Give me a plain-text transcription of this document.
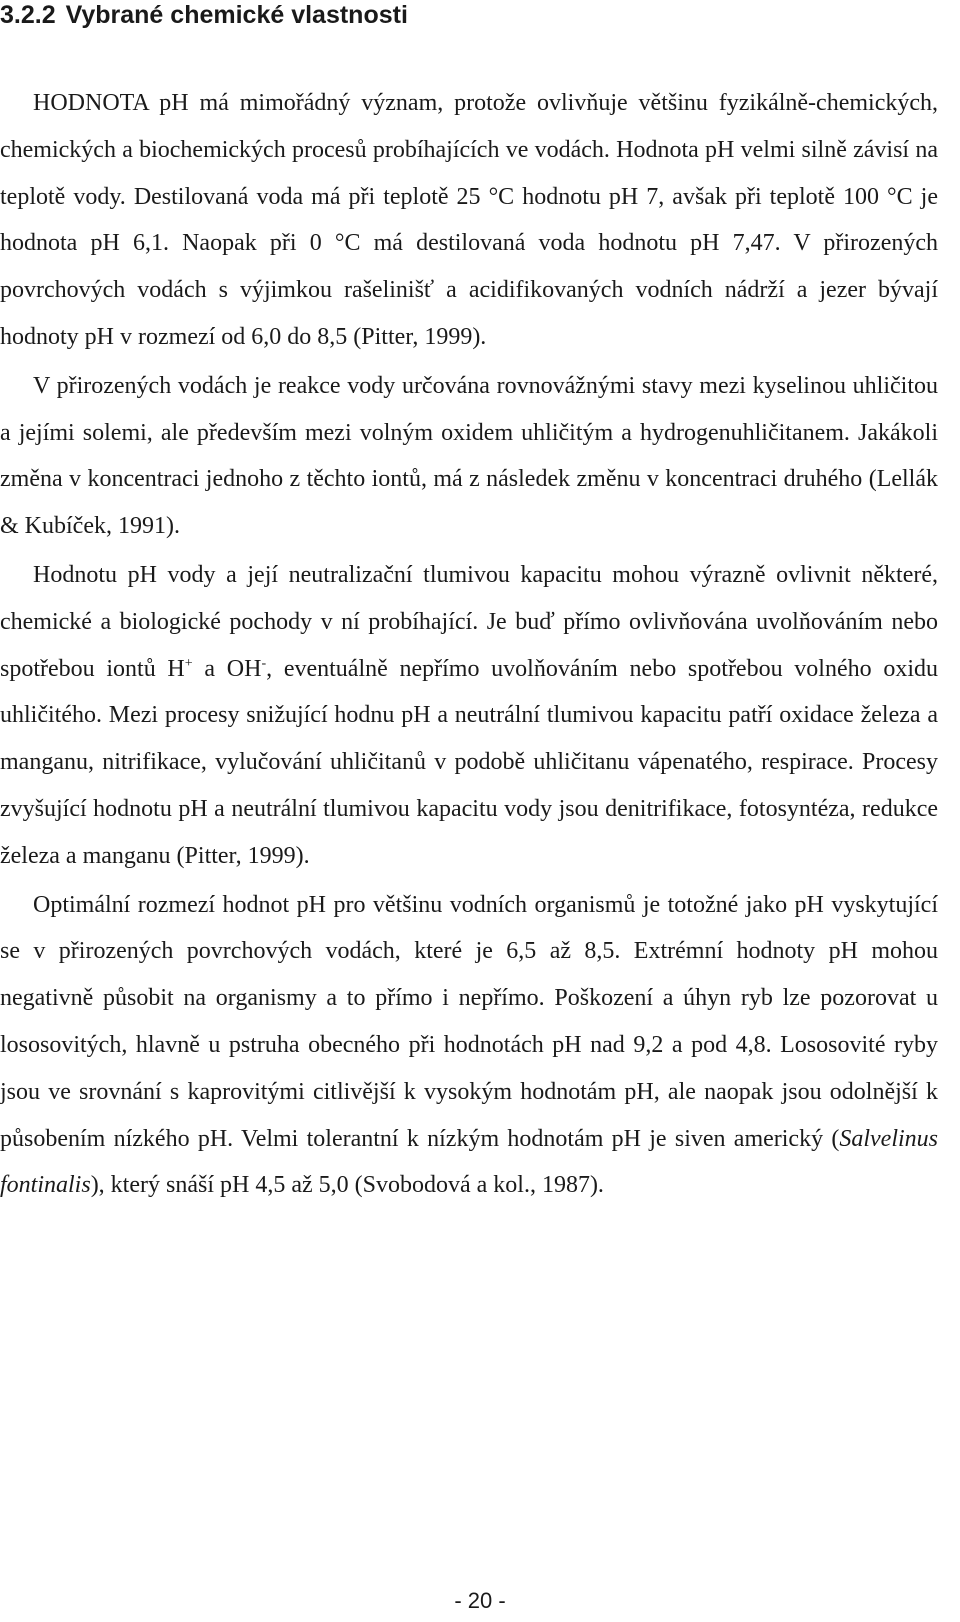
3.2.2 Vybrané chemické vlastnosti

HODNOTA pH má mimořádný význam, protože ovlivňuje většinu fyzikálně-chemických, chemických a biochemických procesů probíhajících ve vodách. Hodnota pH velmi silně závisí na teplotě vody. Destilovaná voda má při teplotě 25 °C hodnotu pH 7, avšak při teplotě 100 °C je hodnota pH 6,1. Naopak při 0 °C má destilovaná voda hodnotu pH 7,47. V přirozených povrchových vodách s výjimkou rašelinišť a acidifikovaných vodních nádrží a jezer bývají hodnoty pH v rozmezí od 6,0 do 8,5 (Pitter, 1999).

V přirozených vodách je reakce vody určována rovnovážnými stavy mezi kyselinou uhličitou a jejími solemi, ale především mezi volným oxidem uhličitým a hydrogenuhličitanem. Jakákoli změna v koncentraci jednoho z těchto iontů, má z následek změnu v koncentraci druhého (Lellák & Kubíček, 1991).

Hodnotu pH vody a její neutralizační tlumivou kapacitu mohou výrazně ovlivnit některé, chemické a biologické pochody v ní probíhající. Je buď přímo ovlivňována uvolňováním nebo spotřebou iontů H+ a OH-, eventuálně nepřímo uvolňováním nebo spotřebou volného oxidu uhličitého. Mezi procesy snižující hodnu pH a neutrální tlumivou kapacitu patří oxidace železa a manganu, nitrifikace, vylučování uhličitanů v podobě uhličitanu vápenatého, respirace. Procesy zvyšující hodnotu pH a neutrální tlumivou kapacitu vody jsou denitrifikace, fotosyntéza, redukce železa a manganu (Pitter, 1999).

Optimální rozmezí hodnot pH pro většinu vodních organismů je totožné jako pH vyskytující se v přirozených povrchových vodách, které je 6,5 až 8,5. Extrémní hodnoty pH mohou negativně působit na organismy a to přímo i nepřímo. Poškození a úhyn ryb lze pozorovat u lososovitých, hlavně u pstruha obecného při hodnotách pH nad 9,2 a pod 4,8. Lososovité ryby jsou ve srovnání s kaprovitými citlivější k vysokým hodnotám pH, ale naopak jsou odolnější k působením nízkého pH. Velmi tolerantní k nízkým hodnotám pH je siven americký (Salvelinus fontinalis), který snáší pH 4,5 až 5,0 (Svobodová a kol., 1987).

- 20 -
